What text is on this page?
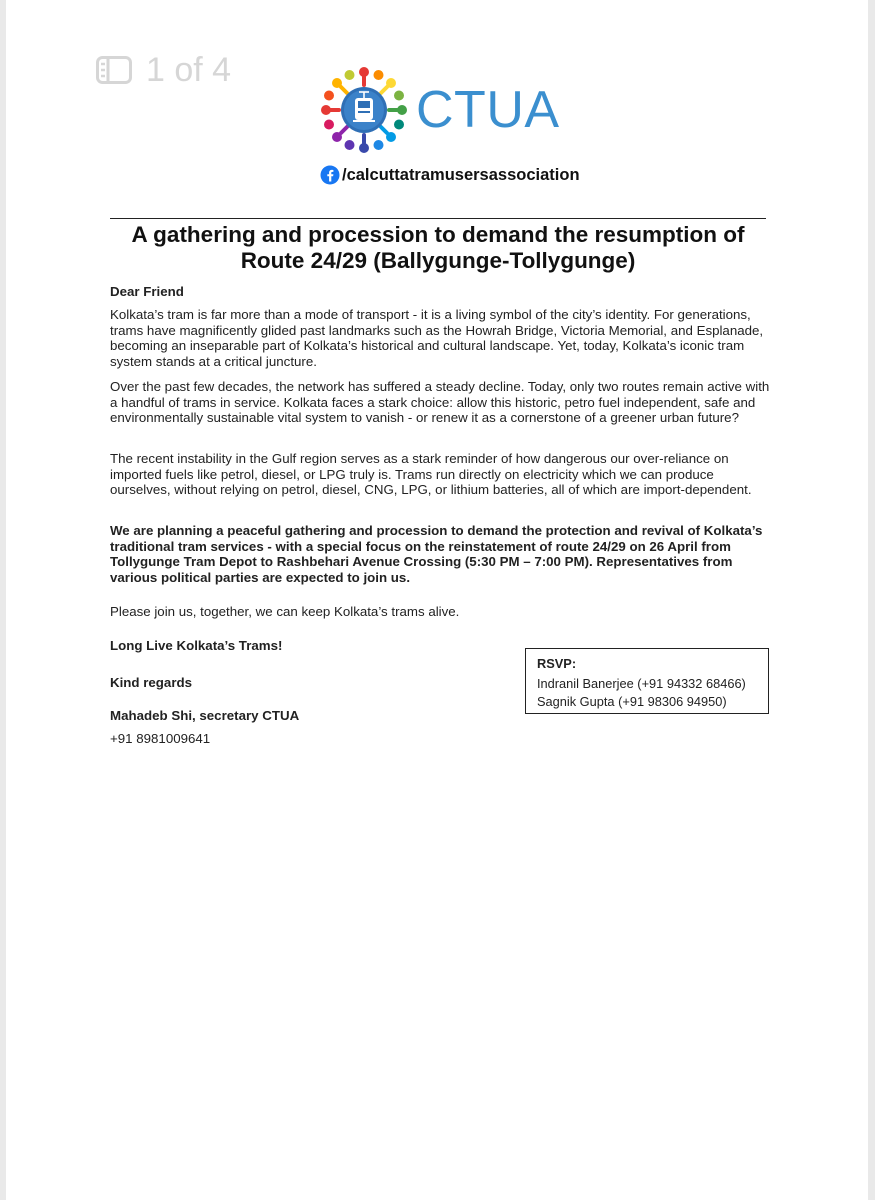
1 of 4
CTUA
/calcuttatramusersassociation
A gathering and procession to demand the resumption of
Route 24/29 (Ballygunge-Tollygunge)

Dear Friend

Kolkata’s tram is far more than a mode of transport - it is a living symbol of the city’s identity. For generations, trams have magnificently glided past landmarks such as the Howrah Bridge, Victoria Memorial, and Esplanade, becoming an inseparable part of Kolkata’s historical and cultural landscape. Yet, today, Kolkata’s iconic tram system stands at a critical juncture.

Over the past few decades, the network has suffered a steady decline. Today, only two routes remain active with a handful of trams in service. Kolkata faces a stark choice: allow this historic, petro fuel independent, safe and environmentally sustainable vital system to vanish - or renew it as a cornerstone of a greener urban future?

The recent instability in the Gulf region serves as a stark reminder of how dangerous our over-reliance on imported fuels like petrol, diesel, or LPG truly is. Trams run directly on electricity which we can produce ourselves, without relying on petrol, diesel, CNG, LPG, or lithium batteries, all of which are import-dependent.

We are planning a peaceful gathering and procession to demand the protection and revival of Kolkata’s traditional tram services - with a special focus on the reinstatement of route 24/29 on 26 April from Tollygunge Tram Depot to Rashbehari Avenue Crossing (5:30 PM – 7:00 PM). Representatives from various political parties are expected to join us.

Please join us, together, we can keep Kolkata’s trams alive.

Long Live Kolkata’s Trams!

Kind regards

Mahadeb Shi, secretary CTUA

+91 8981009641

RSVP:
Indranil Banerjee (+91 94332 68466)
Sagnik Gupta (+91 98306 94950)
